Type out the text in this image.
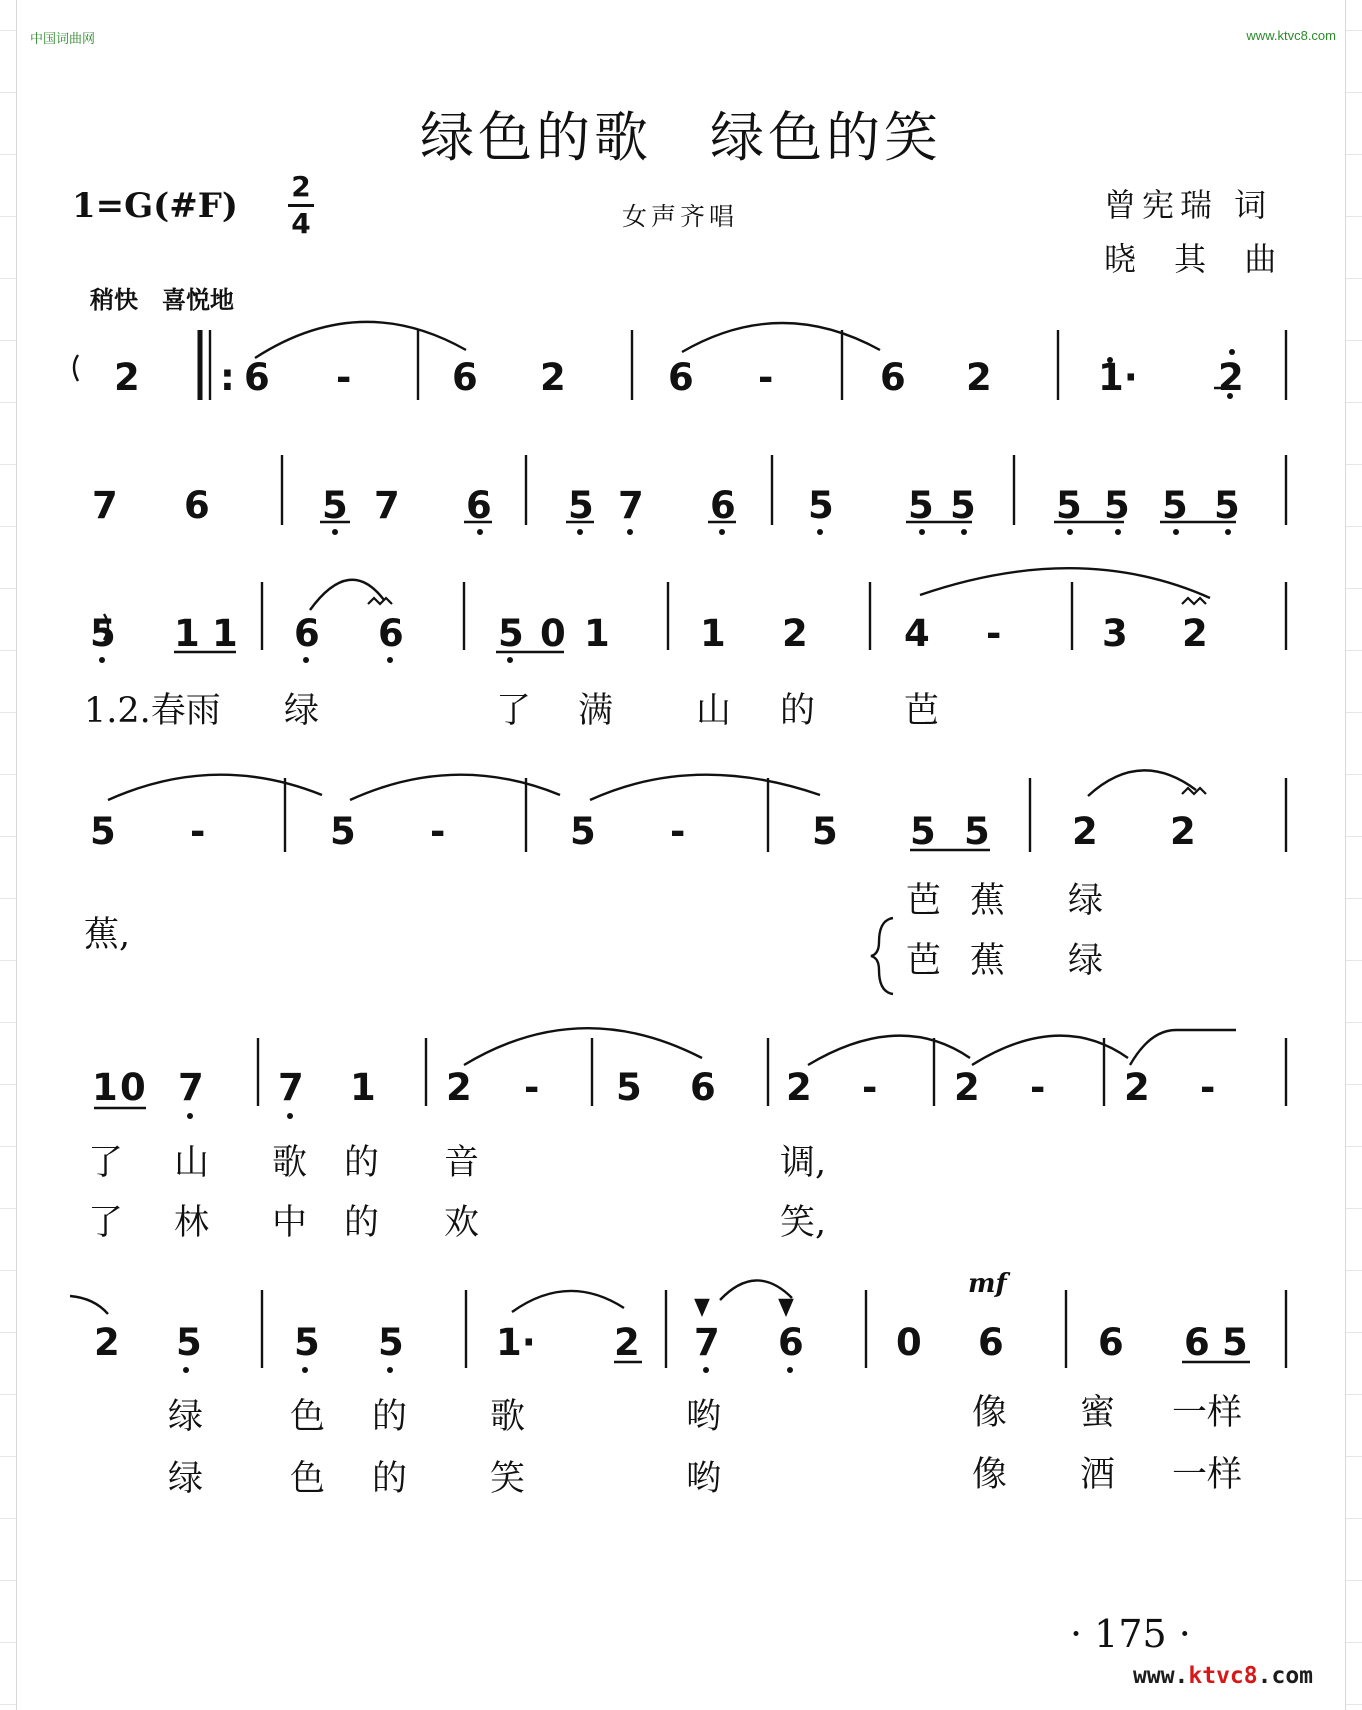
中国词曲网	www.ktvc8.com
绿色的歌　绿色的笑
1=G(#F) 2
4	女声齐唱	曾宪瑞 词
晓 其 曲
稍快　喜悦地
2 : 6 -	6 2	6 -	6 2	1· 2
7 6	5 7 6 5 7 6 5 5 5 5 5 5 5
5 1 1 6 6	5 0 1 1 2	4 -	3 2
5 -	5 -	5 -	5 5 5 2 2
1 0 7 7 1 2 - 5 6 2 - 2 - 2 -
2 5 5 5 1· 2 7 6 0 6	6 6 5
mf
1.2.春雨 绿	了 满 山 的	芭
蕉,
芭 蕉 绿
芭 蕉 绿
了 山 歌 的 音	调,
了 林 中 的 欢	笑,
绿 色 的 歌	哟	像 蜜 一样
绿 色 的 笑	哟	像 酒 一样
· 175 ·
www.ktvc8.com
